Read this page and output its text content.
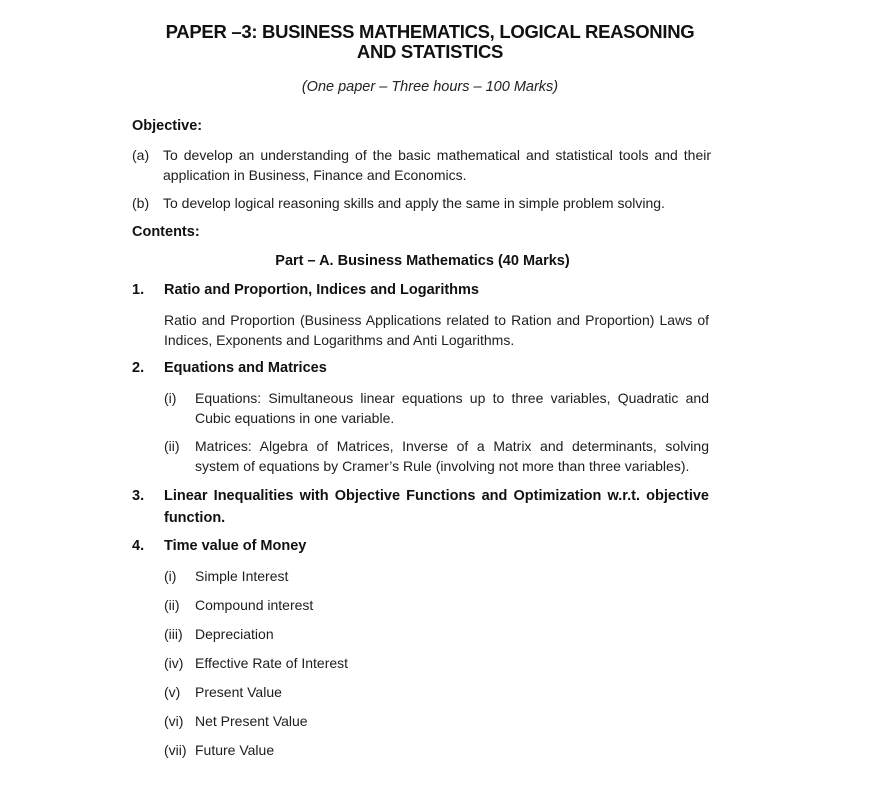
PAPER –3: BUSINESS MATHEMATICS, LOGICAL REASONING
AND STATISTICS
(One paper – Three hours – 100 Marks)
Objective:
(a) To develop an understanding of the basic mathematical and statistical tools and their application in Business, Finance and Economics.
(b) To develop logical reasoning skills and apply the same in simple problem solving.
Contents:
Part – A. Business Mathematics (40 Marks)
1. Ratio and Proportion, Indices and Logarithms
Ratio and Proportion (Business Applications related to Ration and Proportion) Laws of Indices, Exponents and Logarithms and Anti Logarithms.
2. Equations and Matrices
(i) Equations: Simultaneous linear equations up to three variables, Quadratic and Cubic equations in one variable.
(ii) Matrices: Algebra of Matrices, Inverse of a Matrix and determinants, solving system of equations by Cramer’s Rule (involving not more than three variables).
3. Linear Inequalities with Objective Functions and Optimization w.r.t. objective function.
4. Time value of Money
(i) Simple Interest
(ii) Compound interest
(iii) Depreciation
(iv) Effective Rate of Interest
(v) Present Value
(vi) Net Present Value
(vii) Future Value
